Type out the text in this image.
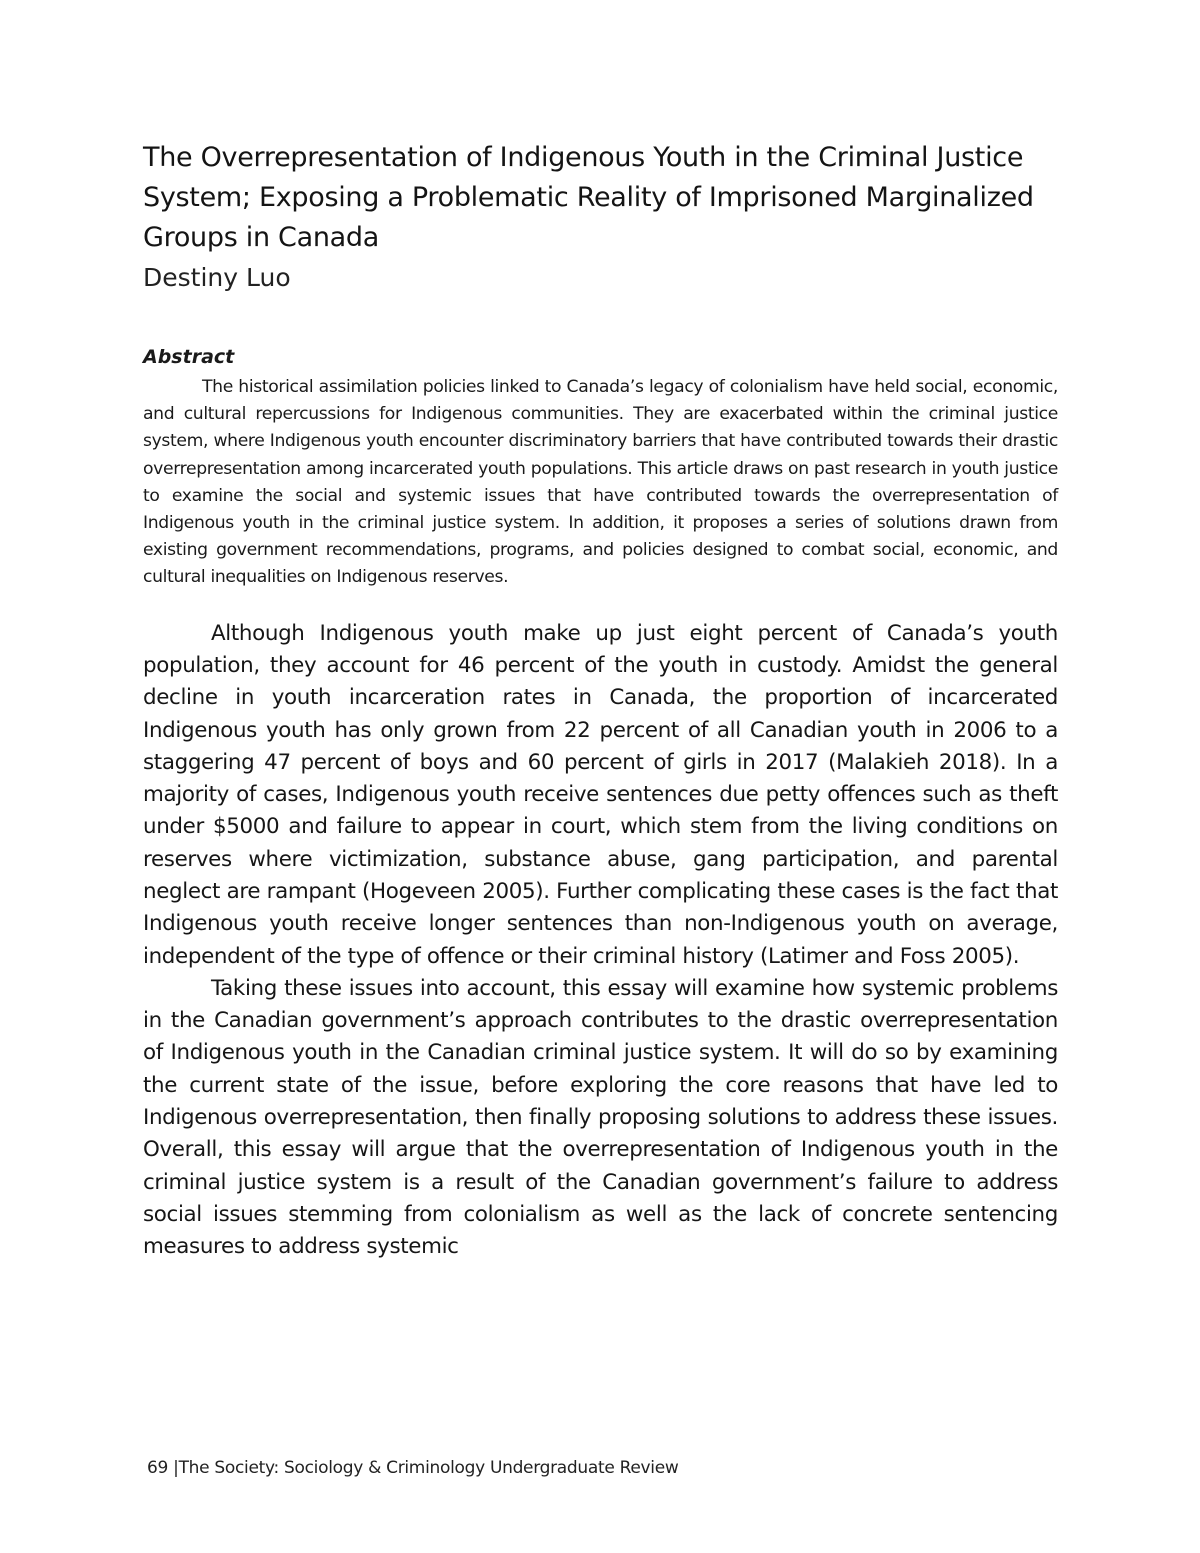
The Overrepresentation of Indigenous Youth in the Criminal Justice System; Exposing a Problematic Reality of Imprisoned Marginalized Groups in Canada
Destiny Luo
Abstract

The historical assimilation policies linked to Canada’s legacy of colonialism have held social, economic, and cultural repercussions for Indigenous communities. They are exacerbated within the criminal justice system, where Indigenous youth encounter discriminatory barriers that have contributed towards their drastic overrepresentation among incarcerated youth populations. This article draws on past research in youth justice to examine the social and systemic issues that have contributed towards the overrepresentation of Indigenous youth in the criminal justice system. In addition, it proposes a series of solutions drawn from existing government recommendations, programs, and policies designed to combat social, economic, and cultural inequalities on Indigenous reserves.

Although Indigenous youth make up just eight percent of Canada’s youth population, they account for 46 percent of the youth in custody. Amidst the general decline in youth incarceration rates in Canada, the proportion of incarcerated Indigenous youth has only grown from 22 percent of all Canadian youth in 2006 to a staggering 47 percent of boys and 60 percent of girls in 2017 (Malakieh 2018). In a majority of cases, Indigenous youth receive sentences due petty offences such as theft under $5000 and failure to appear in court, which stem from the living conditions on reserves where victimization, substance abuse, gang participation, and parental neglect are rampant (Hogeveen 2005). Further complicating these cases is the fact that Indigenous youth receive longer sentences than non-Indigenous youth on average, independent of the type of offence or their criminal history (Latimer and Foss 2005).

Taking these issues into account, this essay will examine how systemic problems in the Canadian government’s approach contributes to the drastic overrepresentation of Indigenous youth in the Canadian criminal justice system. It will do so by examining the current state of the issue, before exploring the core reasons that have led to Indigenous overrepresentation, then finally proposing solutions to address these issues. Overall, this essay will argue that the overrepresentation of Indigenous youth in the criminal justice system is a result of the Canadian government’s failure to address social issues stemming from colonialism as well as the lack of concrete sentencing measures to address systemic

69 |The Society: Sociology & Criminology Undergraduate Review
